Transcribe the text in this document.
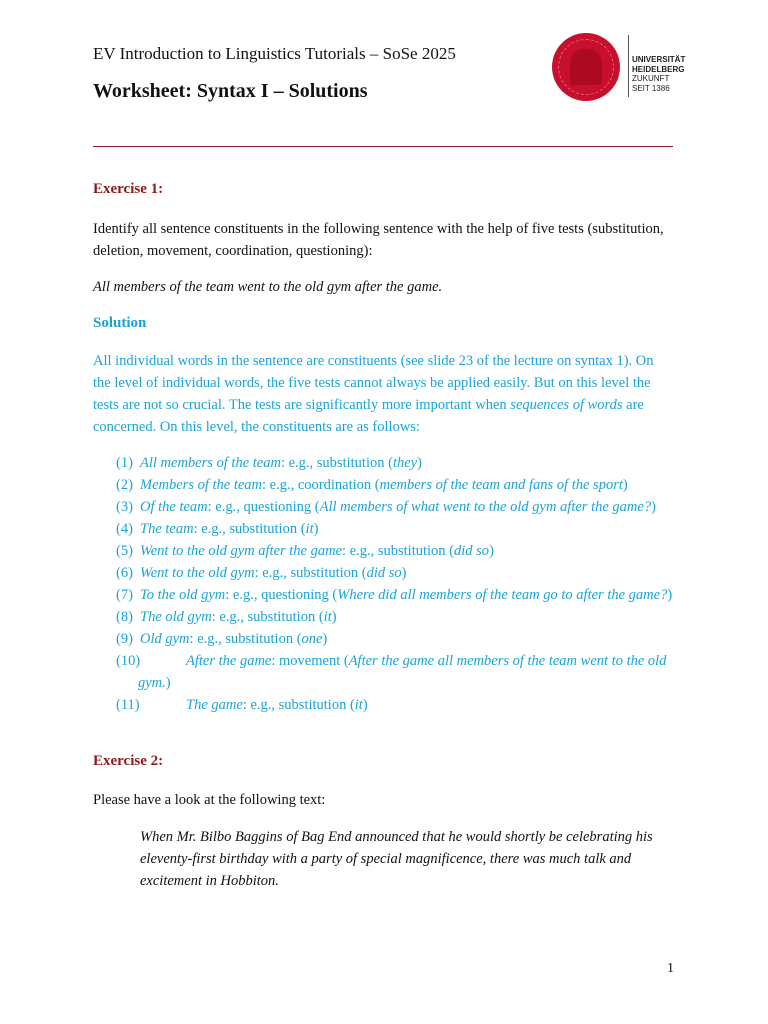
EV Introduction to Linguistics Tutorials – SoSe 2025
Worksheet: Syntax I – Solutions
UNIVERSITÄT
HEIDELBERG
ZUKUNFT
SEIT 1386
Exercise 1:
Identify all sentence constituents in the following sentence with the help of five tests (substitution,
deletion, movement, coordination, questioning):
All members of the team went to the old gym after the game.
Solution
All individual words in the sentence are constituents (see slide 23 of the lecture on syntax 1). On
the level of individual words, the five tests cannot always be applied easily. But on this level the
tests are not so crucial. The tests are significantly more important when sequences of words are
concerned. On this level, the constituents are as follows:
(1) All members of the team: e.g., substitution (they)
(2) Members of the team: e.g., coordination (members of the team and fans of the sport)
(3) Of the team: e.g., questioning (All members of what went to the old gym after the game?)
(4) The team: e.g., substitution (it)
(5) Went to the old gym after the game: e.g., substitution (did so)
(6) Went to the old gym: e.g., substitution (did so)
(7) To the old gym: e.g., questioning (Where did all members of the team go to after the game?)
(8) The old gym: e.g., substitution (it)
(9) Old gym: e.g., substitution (one)
(10)	After the game: movement (After the game all members of the team went to the old
gym.)
(11)	The game: e.g., substitution (it)
Exercise 2:
Please have a look at the following text:
When Mr. Bilbo Baggins of Bag End announced that he would shortly be celebrating his
eleventy-first birthday with a party of special magnificence, there was much talk and
excitement in Hobbiton.
1
